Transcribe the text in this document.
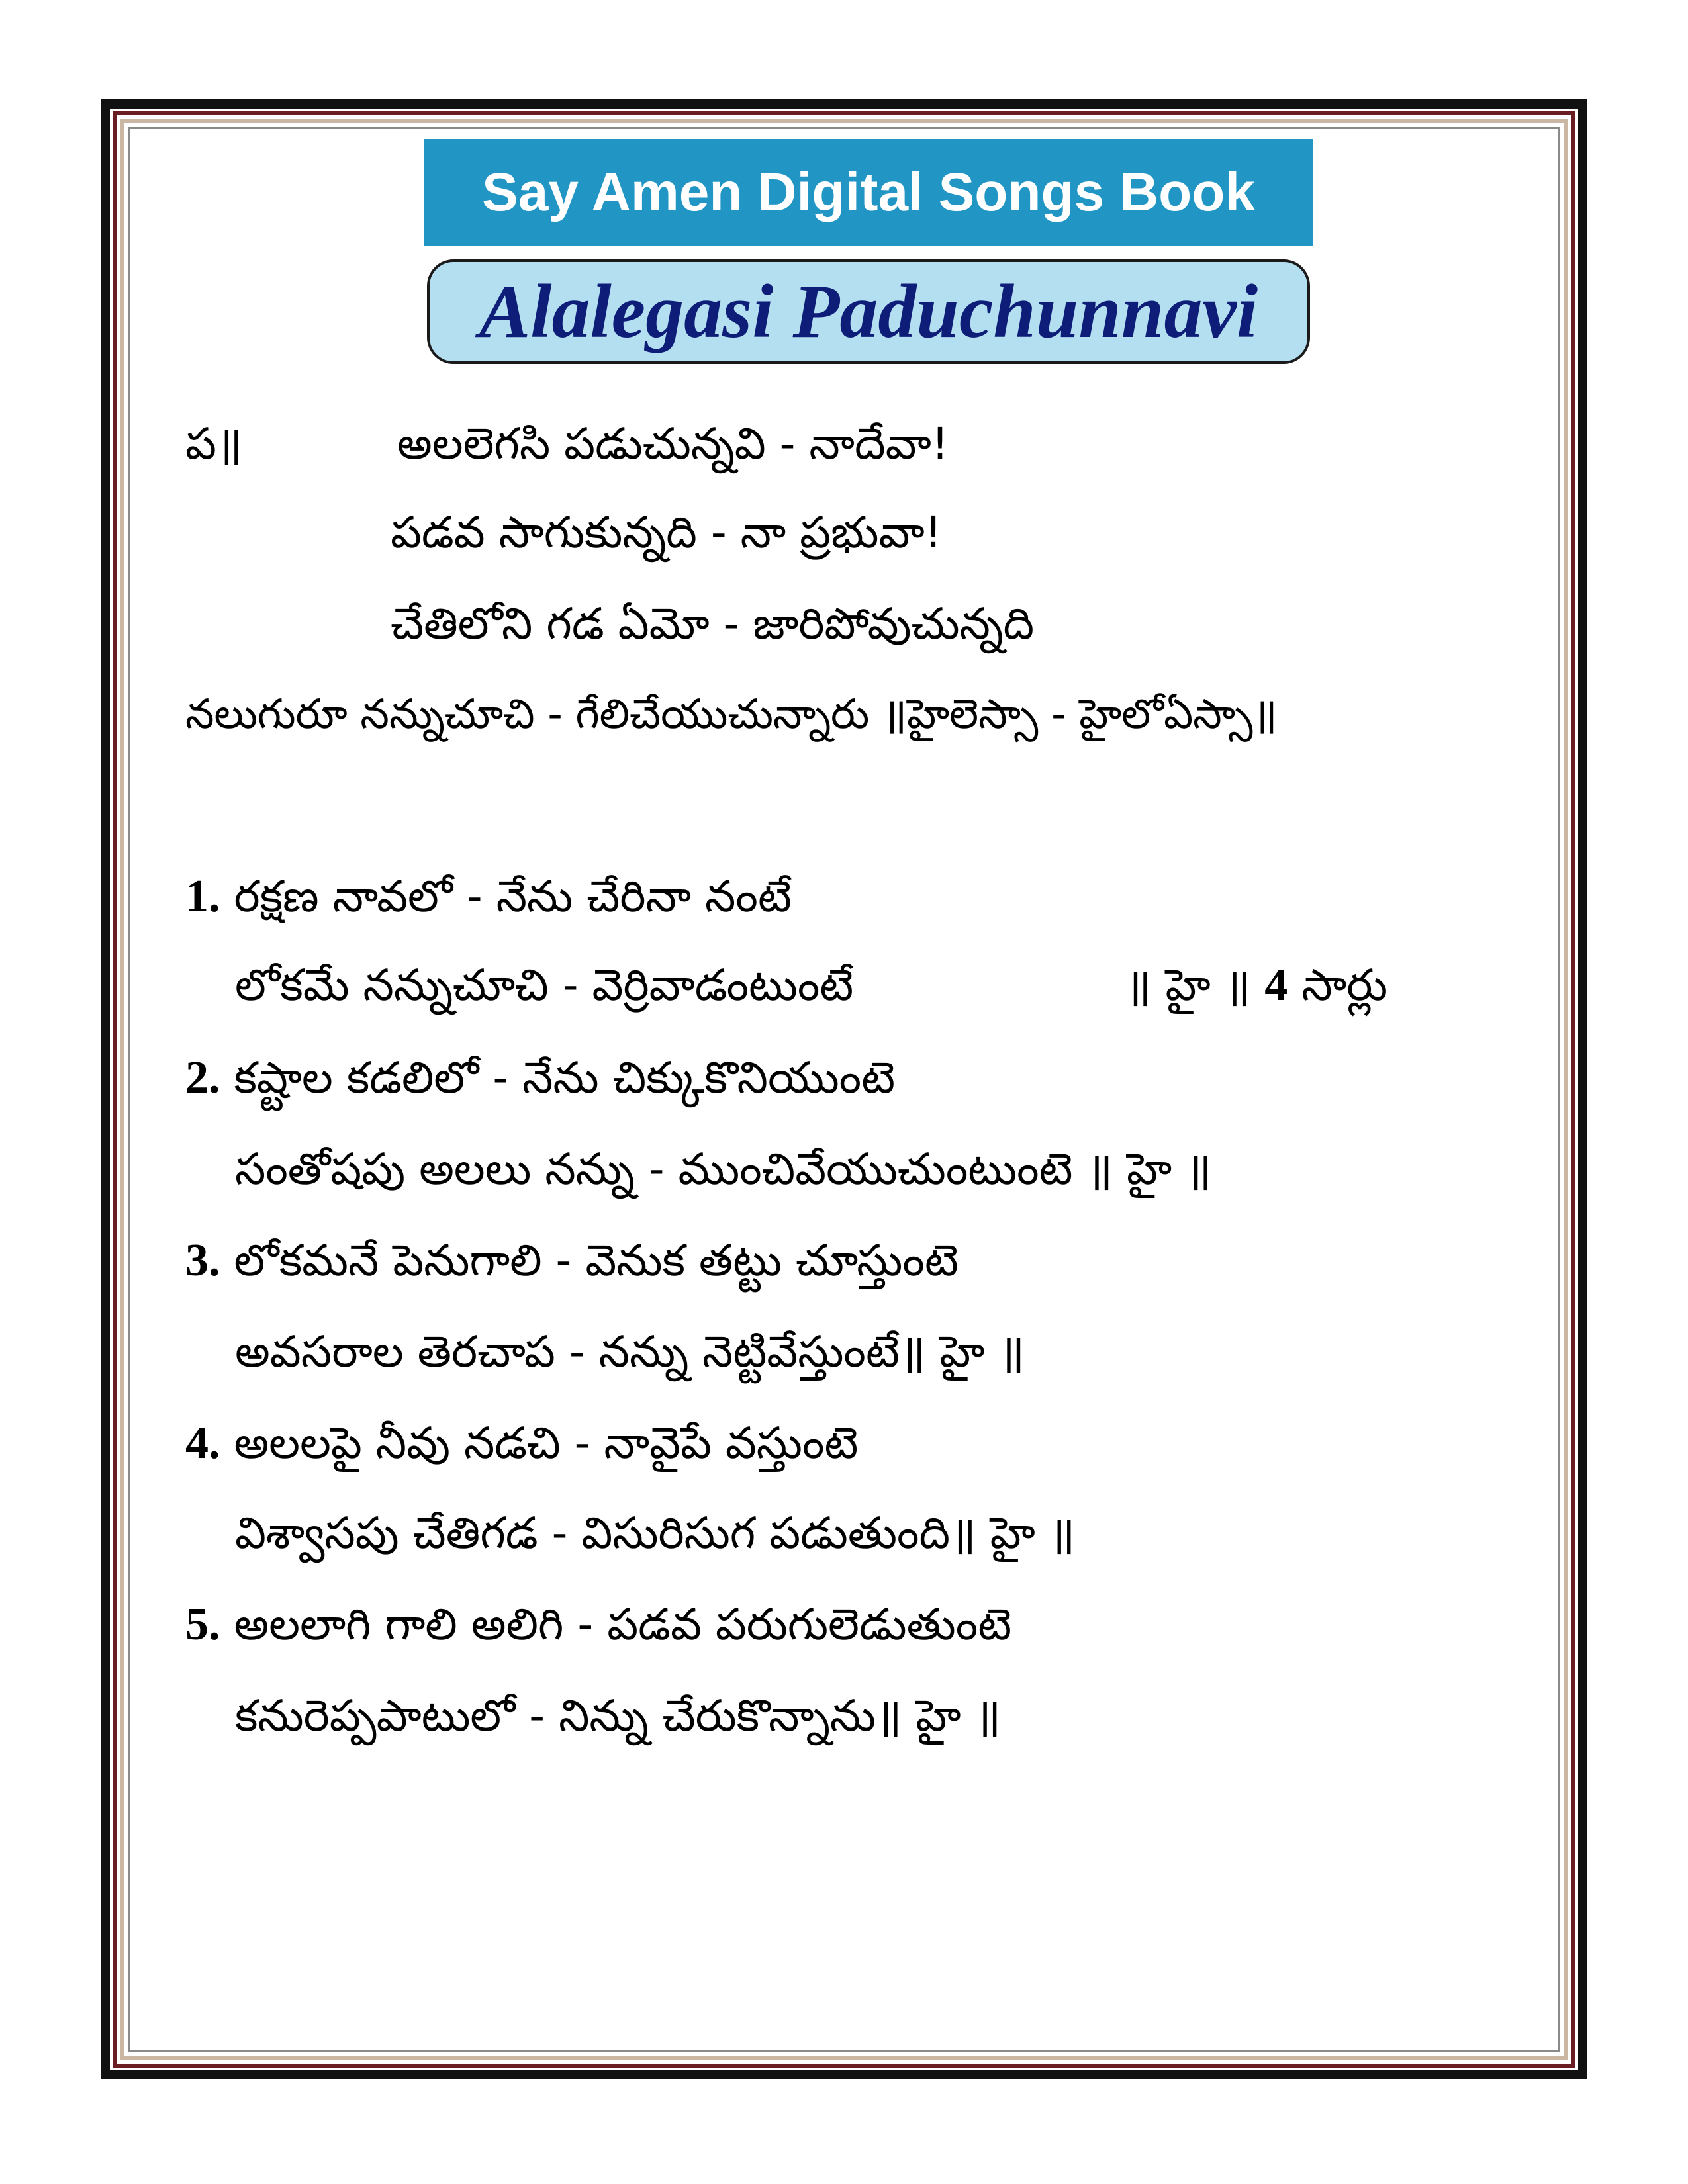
Say Amen Digital Songs Book
Alalegasi Paduchunnavi
ప॥	అలలెగసి పడుచున్నవి - నాదేవా!
పడవ సాగుకున్నది - నా ప్రభువా!
చేతిలోని గడ ఏమో - జారిపోవుచున్నది
నలుగురూ నన్నుచూచి - గేలిచేయుచున్నారు ॥హైలెస్సా - హైలోఏస్సా॥
1. రక్షణ నావలో - నేను చేరినా నంటే
లోకమే నన్నుచూచి - వెర్రివాడంటుంటే	॥ హై ॥ 4 సార్లు
2. కష్టాల కడలిలో - నేను చిక్కుకొనియుంటె
సంతోషపు అలలు నన్ను - ముంచివేయుచుంటుంటె ॥ హై ॥
3. లోకమనే పెనుగాలి - వెనుక తట్టు చూస్తుంటె
అవసరాల తెరచాప - నన్ను నెట్టివేస్తుంటే॥ హై ॥
4. అలలపై నీవు నడచి - నావైపే వస్తుంటె
విశ్వాసపు చేతిగడ - విసురిసుగ పడుతుంది॥ హై ॥
5. అలలాగి గాలి అలిగి - పడవ పరుగులెడుతుంటె
కనురెప్పపాటులో - నిన్ను చేరుకొన్నాను॥ హై ॥
